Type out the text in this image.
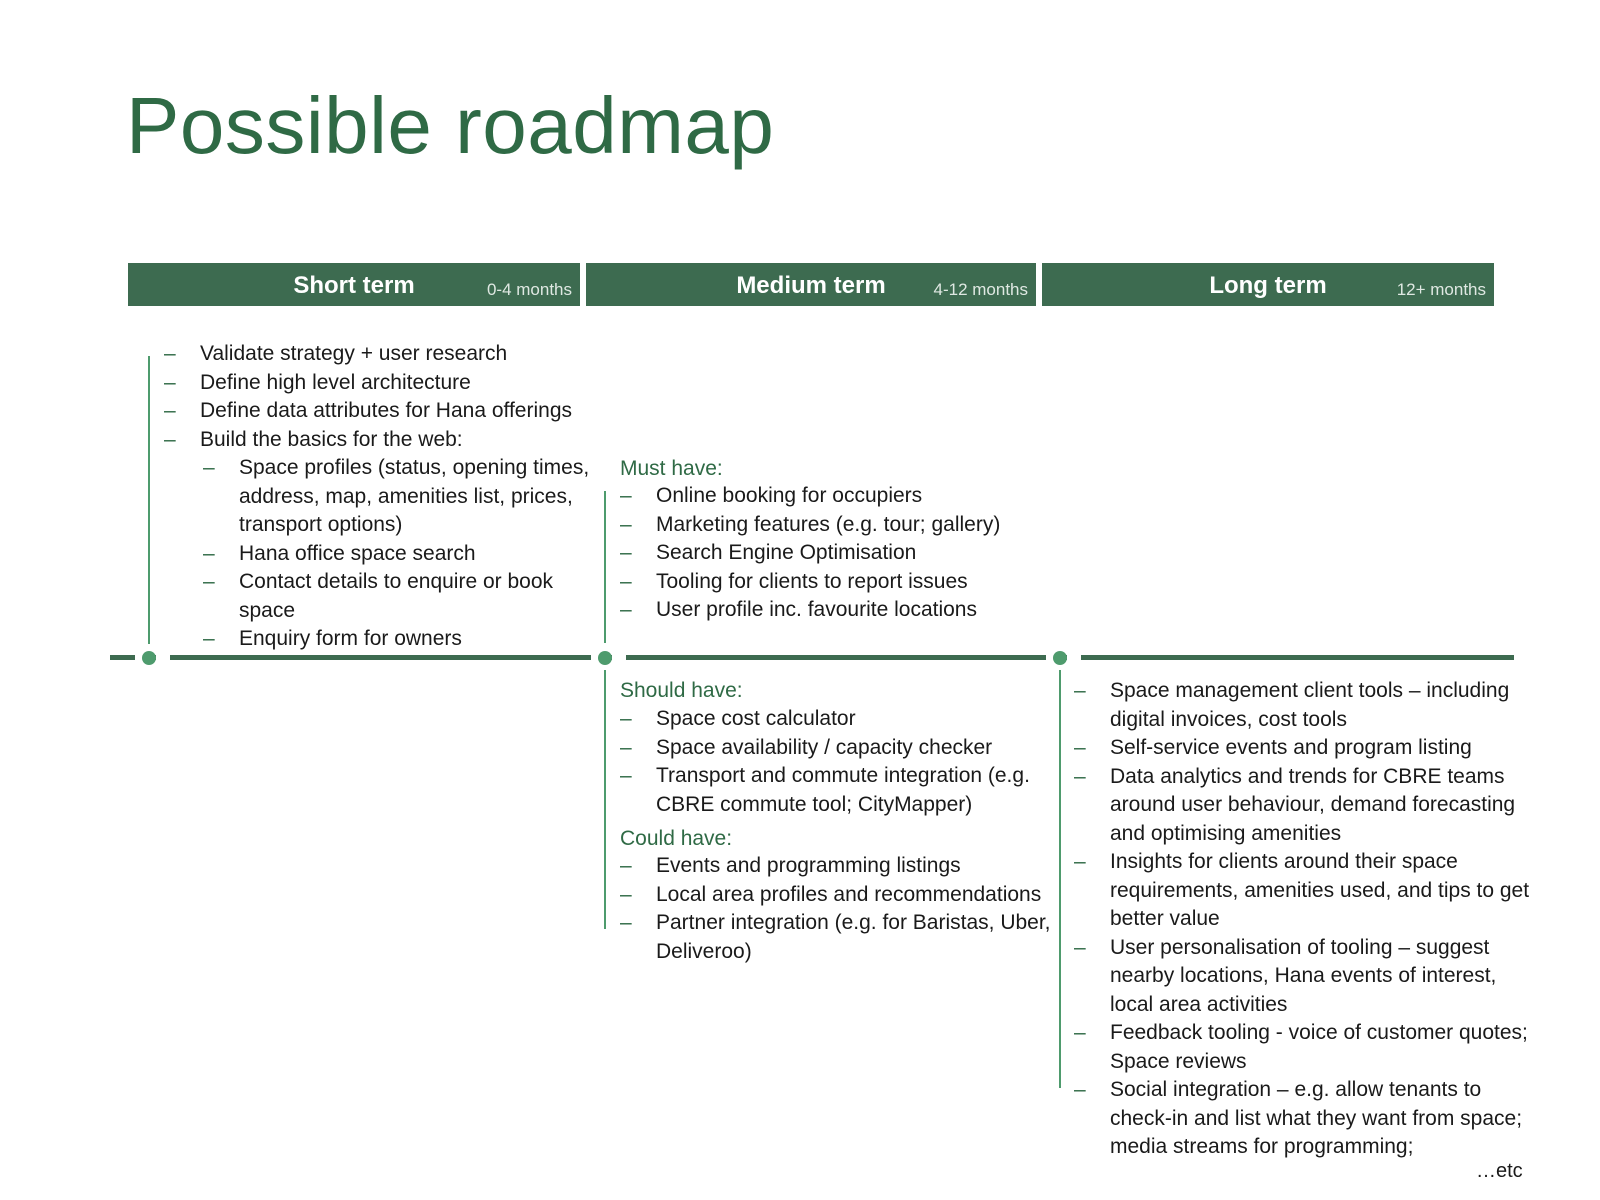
Possible roadmap
Short term	0-4 months	Medium term	4-12 months	Long term	12+ months
– Validate strategy + user research
– Define high level architecture
– Define data attributes for Hana offerings
– Build the basics for the web:
– Space profiles (status, opening times, address, map, amenities list, prices, transport options)
– Hana office space search
– Contact details to enquire or book space
– Enquiry form for owners
Must have:
– Online booking for occupiers
– Marketing features (e.g. tour; gallery)
– Search Engine Optimisation
– Tooling for clients to report issues
– User profile inc. favourite locations
Should have:
– Space cost calculator
– Space availability / capacity checker
– Transport and commute integration (e.g. CBRE commute tool; CityMapper)
Could have:
– Events and programming listings
– Local area profiles and recommendations
– Partner integration (e.g. for Baristas, Uber, Deliveroo)
– Space management client tools – including digital invoices, cost tools
– Self-service events and program listing
– Data analytics and trends for CBRE teams around user behaviour, demand forecasting and optimising amenities
– Insights for clients around their space requirements, amenities used, and tips to get better value
– User personalisation of tooling – suggest nearby locations, Hana events of interest, local area activities
– Feedback tooling - voice of customer quotes; Space reviews
– Social integration – e.g. allow tenants to check-in and list what they want from space; media streams for programming;
…etc
